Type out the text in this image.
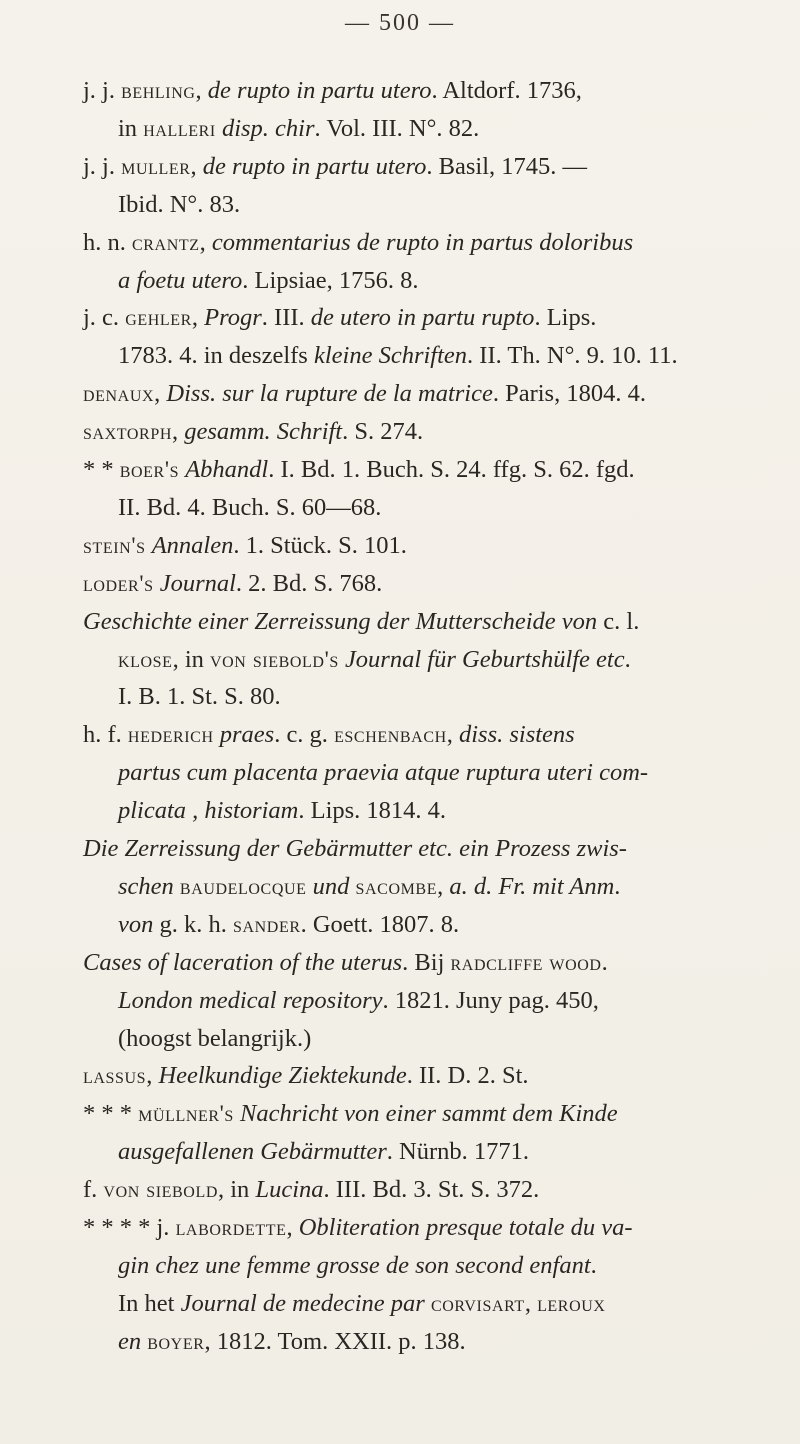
— 500 —
j. j. behling, de rupto in partu utero. Altdorf. 1736,
in halleri disp. chir. Vol. III. N°. 82.
j. j. muller, de rupto in partu utero. Basil, 1745. —
Ibid. N°. 83.
h. n. crantz, commentarius de rupto in partus doloribus
a foetu utero. Lipsiae, 1756. 8.
j. c. gehler, Progr. III. de utero in partu rupto. Lips.
1783. 4. in deszelfs kleine Schriften. II. Th. N°. 9. 10. 11.
denaux, Diss. sur la rupture de la matrice. Paris, 1804. 4.
saxtorph, gesamm. Schrift. S. 274.
* * boer's Abhandl. I. Bd. 1. Buch. S. 24. ffg. S. 62. fgd.
II. Bd. 4. Buch. S. 60—68.
stein's Annalen. 1. Stück. S. 101.
loder's Journal. 2. Bd. S. 768.
Geschichte einer Zerreissung der Mutterscheide von c. l.
klose, in von siebold's Journal für Geburtshülfe etc.
I. B. 1. St. S. 80.
h. f. hederich praes. c. g. eschenbach, diss. sistens
partus cum placenta praevia atque ruptura uteri com-
plicata , historiam. Lips. 1814. 4.
Die Zerreissung der Gebärmutter etc. ein Prozess zwis-
schen baudelocque und sacombe, a. d. Fr. mit Anm.
von g. k. h. sander. Goett. 1807. 8.
Cases of laceration of the uterus. Bij radcliffe wood.
London medical repository. 1821. Juny pag. 450,
(hoogst belangrijk.)
lassus, Heelkundige Ziektekunde. II. D. 2. St.
* * * müllner's Nachricht von einer sammt dem Kinde
ausgefallenen Gebärmutter. Nürnb. 1771.
f. von siebold, in Lucina. III. Bd. 3. St. S. 372.
* * * * j. labordette, Obliteration presque totale du va-
gin chez une femme grosse de son second enfant.
In het Journal de medecine par corvisart, leroux
en boyer, 1812. Tom. XXII. p. 138.
